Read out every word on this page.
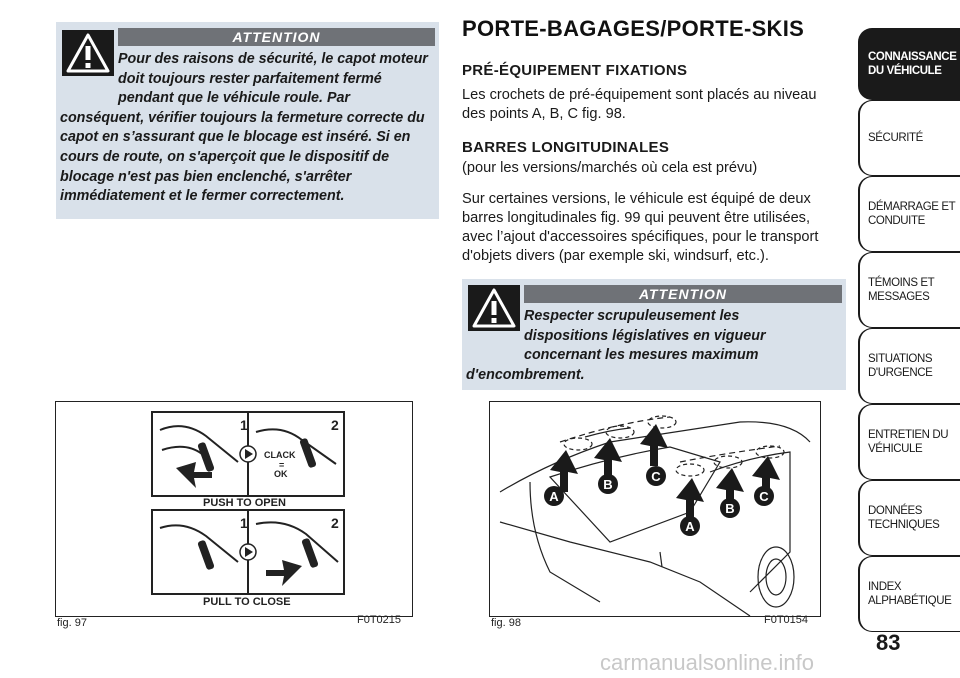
ATTENTION
Pour des raisons de sécurité, le capot moteur doit toujours rester parfaitement fermé pendant que le véhicule roule. Par conséquent, vérifier toujours la fermeture correcte du capot en s’assurant que le blocage est inséré. Si en cours de route, on s'aperçoit que le dispositif de blocage n'est pas bien enclenché, s'arrêter immédiatement et le fermer correctement.
PORTE-BAGAGES/PORTE-SKIS

PRÉ-ÉQUIPEMENT FIXATIONS

Les crochets de pré-équipement sont placés au niveau des points A, B, C fig. 98.

BARRES LONGITUDINALES

(pour les versions/marchés où cela est prévu)

Sur certaines versions, le véhicule est équipé de deux barres longitudinales fig. 99 qui peuvent être utilisées, avec l’ajout d'accessoires spécifiques, pour le transport d'objets divers (par exemple ski, windsurf, etc.).

ATTENTION
Respecter scrupuleusement les dispositions législatives en vigueur concernant les mesures maximum d'encombrement.
1	2
1	2
CLACK
=
OK
PUSH TO OPEN
PULL TO CLOSE
fig. 97	F0T0215
A
B
C
A
B
C
fig. 98	F0T0154
CONNAISSANCE DU VÉHICULE
SÉCURITÉ
DÉMARRAGE ET CONDUITE
TÉMOINS ET MESSAGES
SITUATIONS D'URGENCE
ENTRETIEN DU VÉHICULE
DONNÉES TECHNIQUES
INDEX ALPHABÉTIQUE
83
carmanualsonline.info
